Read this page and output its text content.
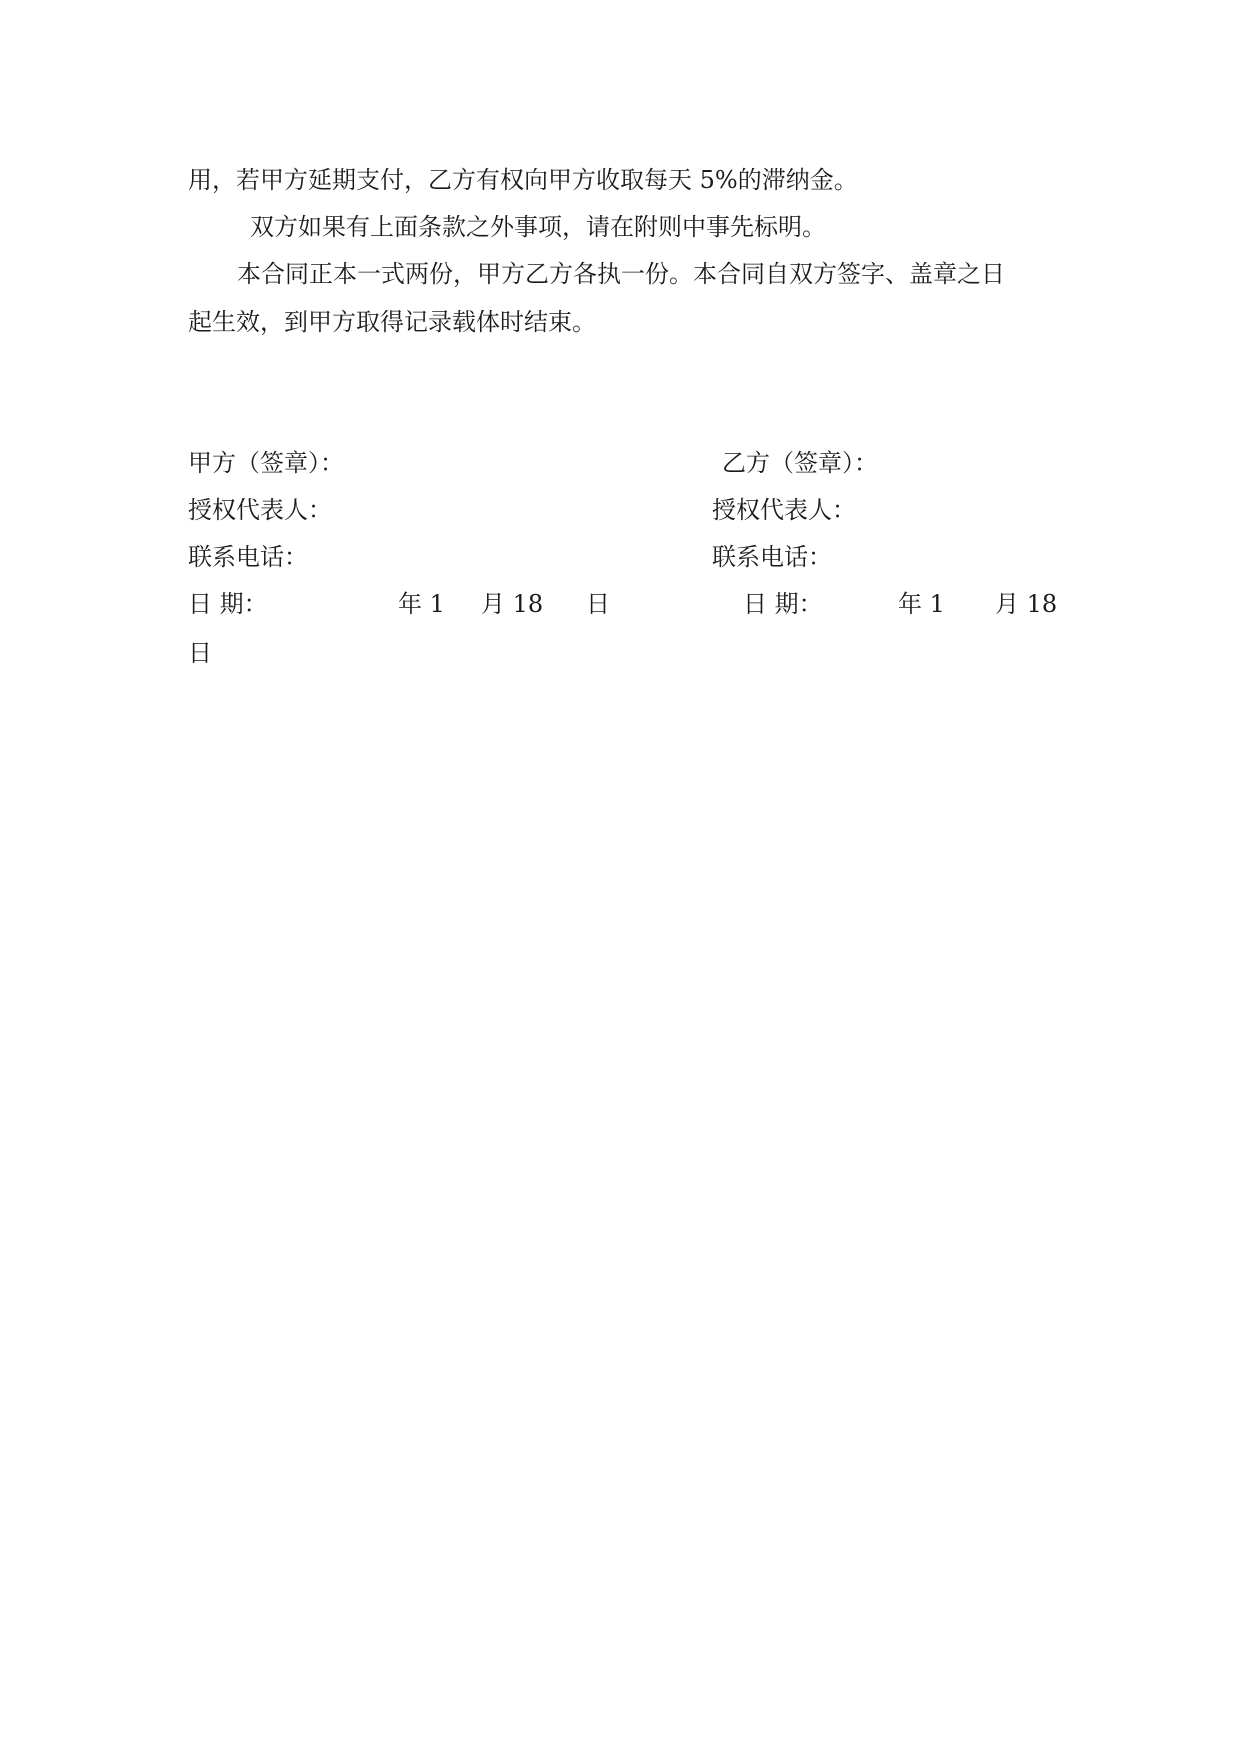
用，若甲方延期支付，乙方有权向甲方收取每天 5%的滞纳金。
双方如果有上面条款之外事项，请在附则中事先标明。
本合同正本一式两份，甲方乙方各执一份。本合同自双方签字、盖章之日
起生效，到甲方取得记录载体时结束。
甲方（签章）：	乙方（签章）：
授权代表人：	授权代表人：
联系电话：	联系电话：
日 期：	年 1 月 18 日	日 期：	年 1 月 18
日
